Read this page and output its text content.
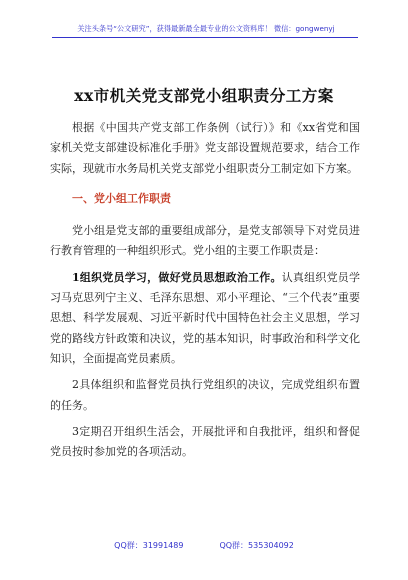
关注头条号“公文研究”，获得最新最全最专业的公文资料库！ 微信：gongwenyj
xx市机关党支部党小组职责分工方案

根据《中国共产党支部工作条例（试行）》和《xx省党和国家机关党支部建设标准化手册》党支部设置规范要求，结合工作实际，现就市水务局机关党支部党小组职责分工制定如下方案。

一、党小组工作职责

党小组是党支部的重要组成部分，是党支部领导下对党员进行教育管理的一种组织形式。党小组的主要工作职责是：

1组织党员学习，做好党员思想政治工作。认真组织党员学习马克思列宁主义、毛泽东思想、邓小平理论、“三个代表”重要思想、科学发展观、习近平新时代中国特色社会主义思想，学习党的路线方针政策和决议，党的基本知识，时事政治和科学文化知识，全面提高党员素质。

2具体组织和监督党员执行党组织的决议，完成党组织布置的任务。

3定期召开组织生活会，开展批评和自我批评，组织和督促党员按时参加党的各项活动。

QQ群：31991489	QQ群：535304092
